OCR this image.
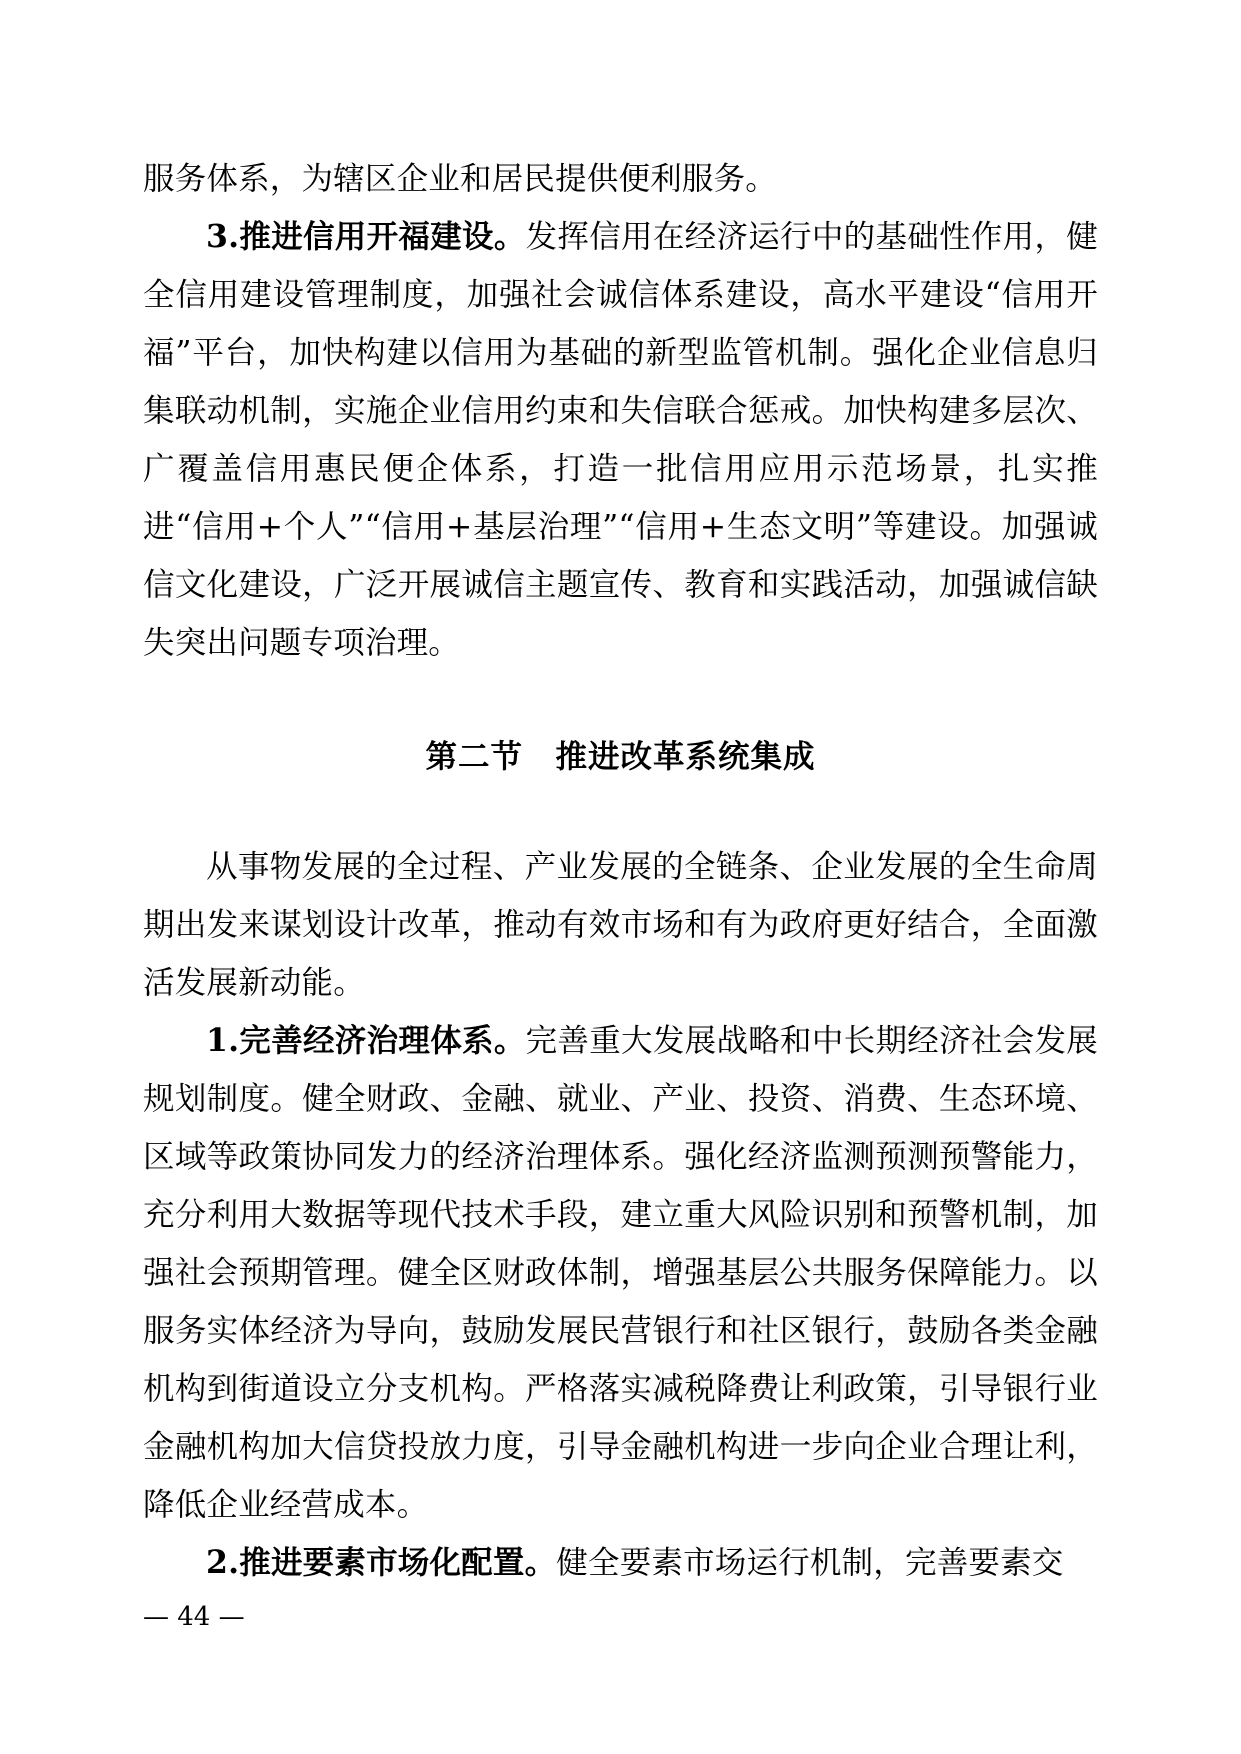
服务体系，为辖区企业和居民提供便利服务。

3.推进信用开福建设。发挥信用在经济运行中的基础性作用，健全信用建设管理制度，加强社会诚信体系建设，高水平建设“信用开福”平台，加快构建以信用为基础的新型监管机制。强化企业信息归集联动机制，实施企业信用约束和失信联合惩戒。加快构建多层次、广覆盖信用惠民便企体系，打造一批信用应用示范场景，扎实推进“信用+个人”“信用+基层治理”“信用+生态文明”等建设。加强诚信文化建设，广泛开展诚信主题宣传、教育和实践活动，加强诚信缺失突出问题专项治理。

第二节　推进改革系统集成

从事物发展的全过程、产业发展的全链条、企业发展的全生命周期出发来谋划设计改革，推动有效市场和有为政府更好结合，全面激活发展新动能。

1.完善经济治理体系。完善重大发展战略和中长期经济社会发展规划制度。健全财政、金融、就业、产业、投资、消费、生态环境、区域等政策协同发力的经济治理体系。强化经济监测预测预警能力，充分利用大数据等现代技术手段，建立重大风险识别和预警机制，加强社会预期管理。健全区财政体制，增强基层公共服务保障能力。以服务实体经济为导向，鼓励发展民营银行和社区银行，鼓励各类金融机构到街道设立分支机构。严格落实减税降费让利政策，引导银行业金融机构加大信贷投放力度，引导金融机构进一步向企业合理让利，降低企业经营成本。

2.推进要素市场化配置。健全要素市场运行机制，完善要素交

— 44 —
